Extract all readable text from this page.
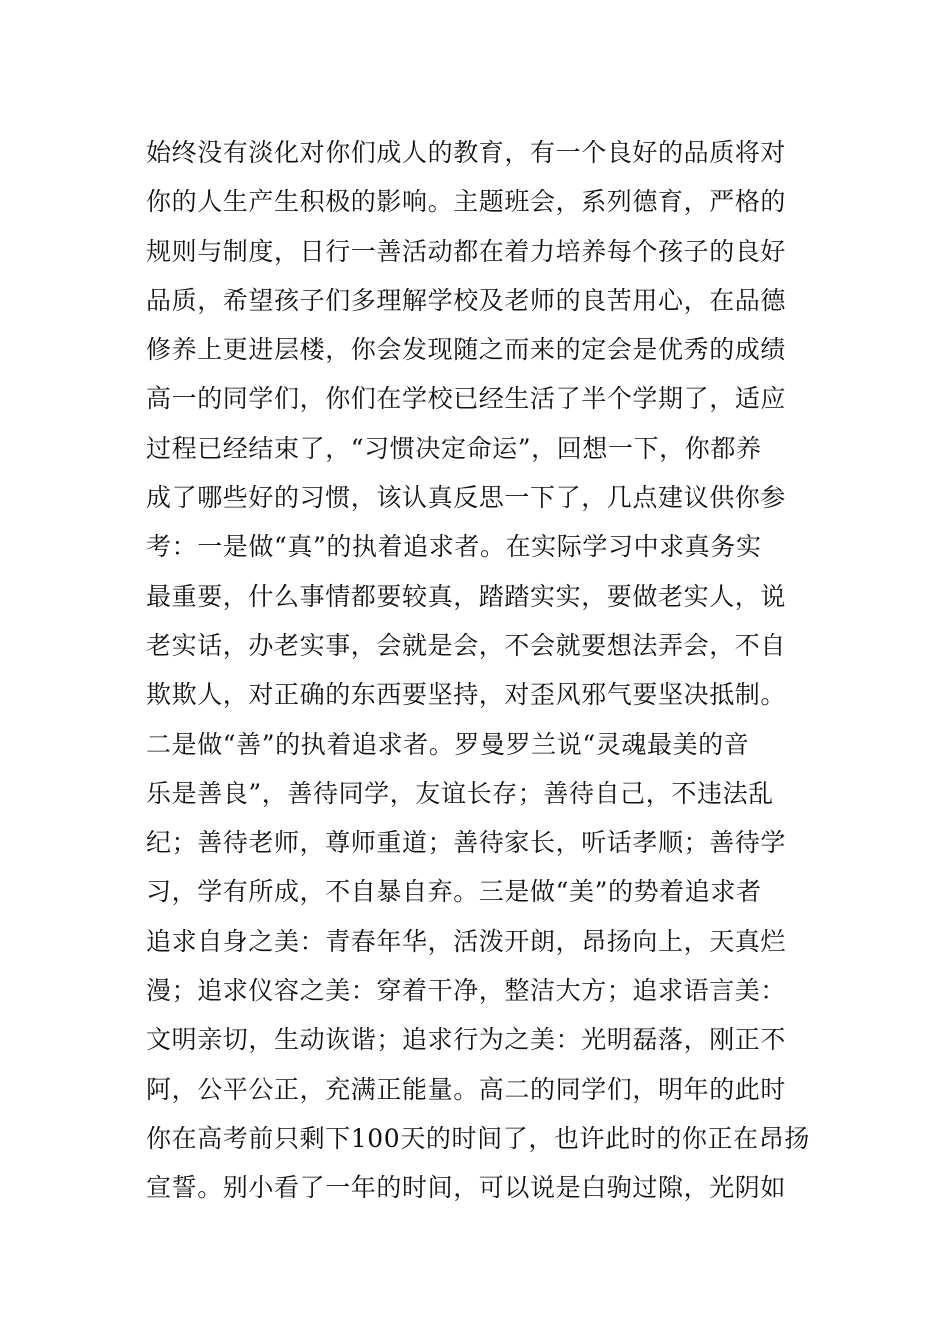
始终没有淡化对你们成人的教育，有一个良好的品质将对
你的人生产生积极的影响。主题班会，系列德育，严格的
规则与制度，日行一善活动都在着力培养每个孩子的良好
品质，希望孩子们多理解学校及老师的良苦用心，在品德
修养上更进层楼，你会发现随之而来的定会是优秀的成绩
高一的同学们，你们在学校已经生活了半个学期了，适应
过程已经结束了，“习惯决定命运”，回想一下，你都养
成了哪些好的习惯，该认真反思一下了，几点建议供你参
考：一是做“真”的执着追求者。在实际学习中求真务实
最重要，什么事情都要较真，踏踏实实，要做老实人，说
老实话，办老实事，会就是会，不会就要想法弄会，不自
欺欺人，对正确的东西要坚持，对歪风邪气要坚决抵制。
二是做“善”的执着追求者。罗曼罗兰说“灵魂最美的音
乐是善良”，善待同学，友谊长存；善待自己，不违法乱
纪；善待老师，尊师重道；善待家长，听话孝顺；善待学
习，学有所成，不自暴自弃。三是做“美”的势着追求者
追求自身之美：青春年华，活泼开朗，昂扬向上，天真烂
漫；追求仪容之美：穿着干净，整洁大方；追求语言美：
文明亲切，生动诙谐；追求行为之美：光明磊落，刚正不
阿，公平公正，充满正能量。高二的同学们，明年的此时
你在高考前只剩下100天的时间了，也许此时的你正在昂扬
宣誓。别小看了一年的时间，可以说是白驹过隙，光阴如
